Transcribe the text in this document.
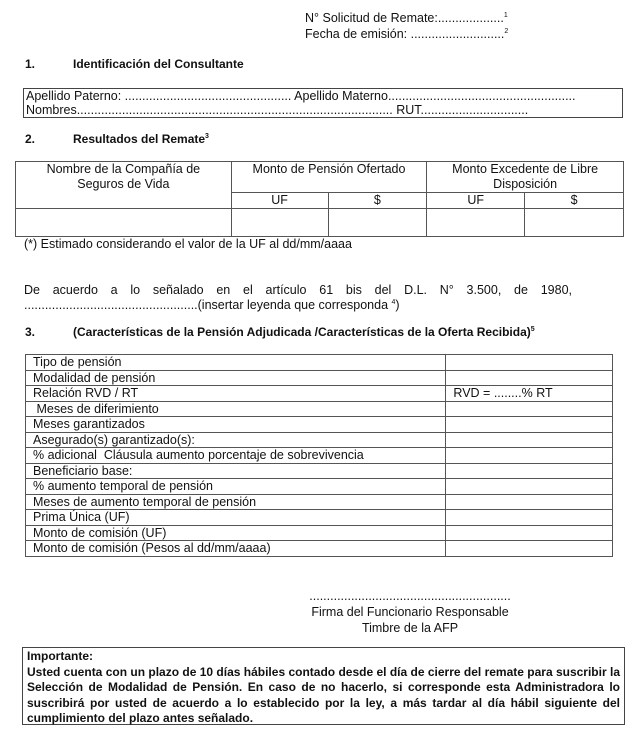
N° Solicitud de Remate:...................$^1$
Fecha de emisión: ...........................$^2$
1.	Identificación del Consultante
Apellido Paterno: ................................................ Apellido Materno......................................................
Nombres........................................................................................... RUT...............................
2.	Resultados del Remate$^3$
Nombre de la Compañía de Seguros de Vida	Monto de Pensión Ofertado		Monto Excedente de Libre Disposición	
	UF	$	UF	$

(*) Estimado considerando el valor de la UF al dd/mm/aaaa
De acuerdo a lo señalado en el artículo 61 bis del D.L. N° 3.500, de 1980,
..................................................(insertar leyenda que corresponda $^4$)
3.	(Características de la Pensión Adjudicada /Características de la Oferta Recibida)$^5$
Tipo de pensión	
Modalidad de pensión	
Relación RVD / RT	RVD = ........% RT
Meses de diferimiento	
Meses garantizados	
Asegurado(s) garantizado(s):	
% adicional  Cláusula aumento porcentaje de sobrevivencia	
Beneficiario base:	
% aumento temporal de pensión	
Meses de aumento temporal de pensión	
Prima Única (UF)	
Monto de comisión (UF)	
Monto de comisión (Pesos al dd/mm/aaaa)	
..........................................................
Firma del Funcionario Responsable
Timbre de la AFP
Importante:
Usted cuenta con un plazo de 10 días hábiles contado desde el día de cierre del remate para suscribir la Selección de Modalidad de Pensión. En caso de no hacerlo, si corresponde esta Administradora lo suscribirá por usted de acuerdo a lo establecido por la ley, a más tardar al día hábil siguiente del cumplimiento del plazo antes señalado.
